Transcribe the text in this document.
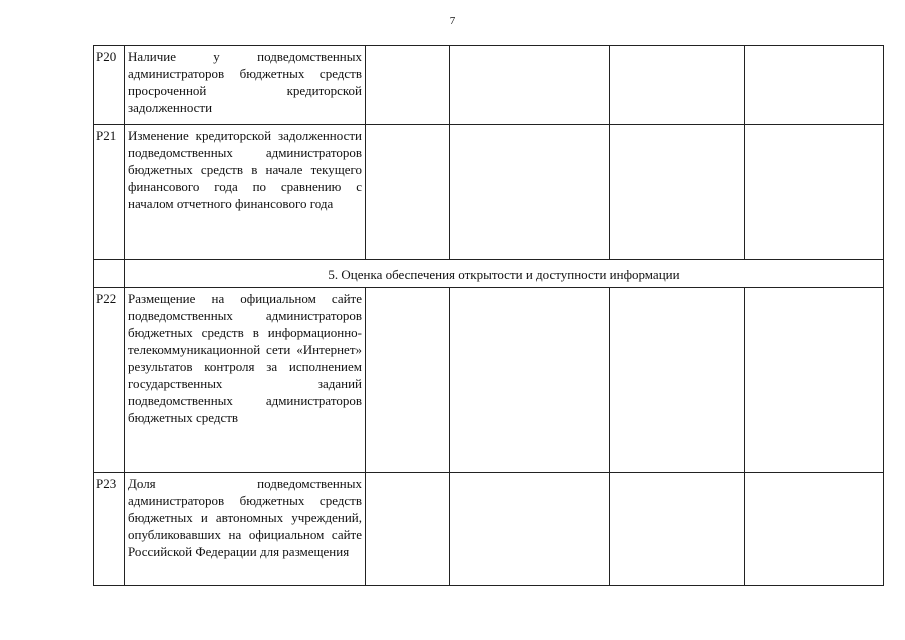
7
Р20	Наличие у подведомственных администраторов бюджетных средств просроченной кредиторской задолженности				
Р21	Изменение кредиторской задолженности подведомственных администраторов бюджетных средств в начале текущего финансового года по сравнению с началом отчетного финансового года				
	5. Оценка обеспечения открытости и доступности информации				
Р22	Размещение на официальном сайте подведомственных администраторов бюджетных средств в информационно-телекоммуникационной сети «Интернет» результатов контроля за исполнением государственных заданий подведомственных администраторов бюджетных средств				
Р23	Доля подведомственных администраторов бюджетных средств бюджетных и автономных учреждений, опубликовавших на официальном сайте Российской Федерации для размещения				
